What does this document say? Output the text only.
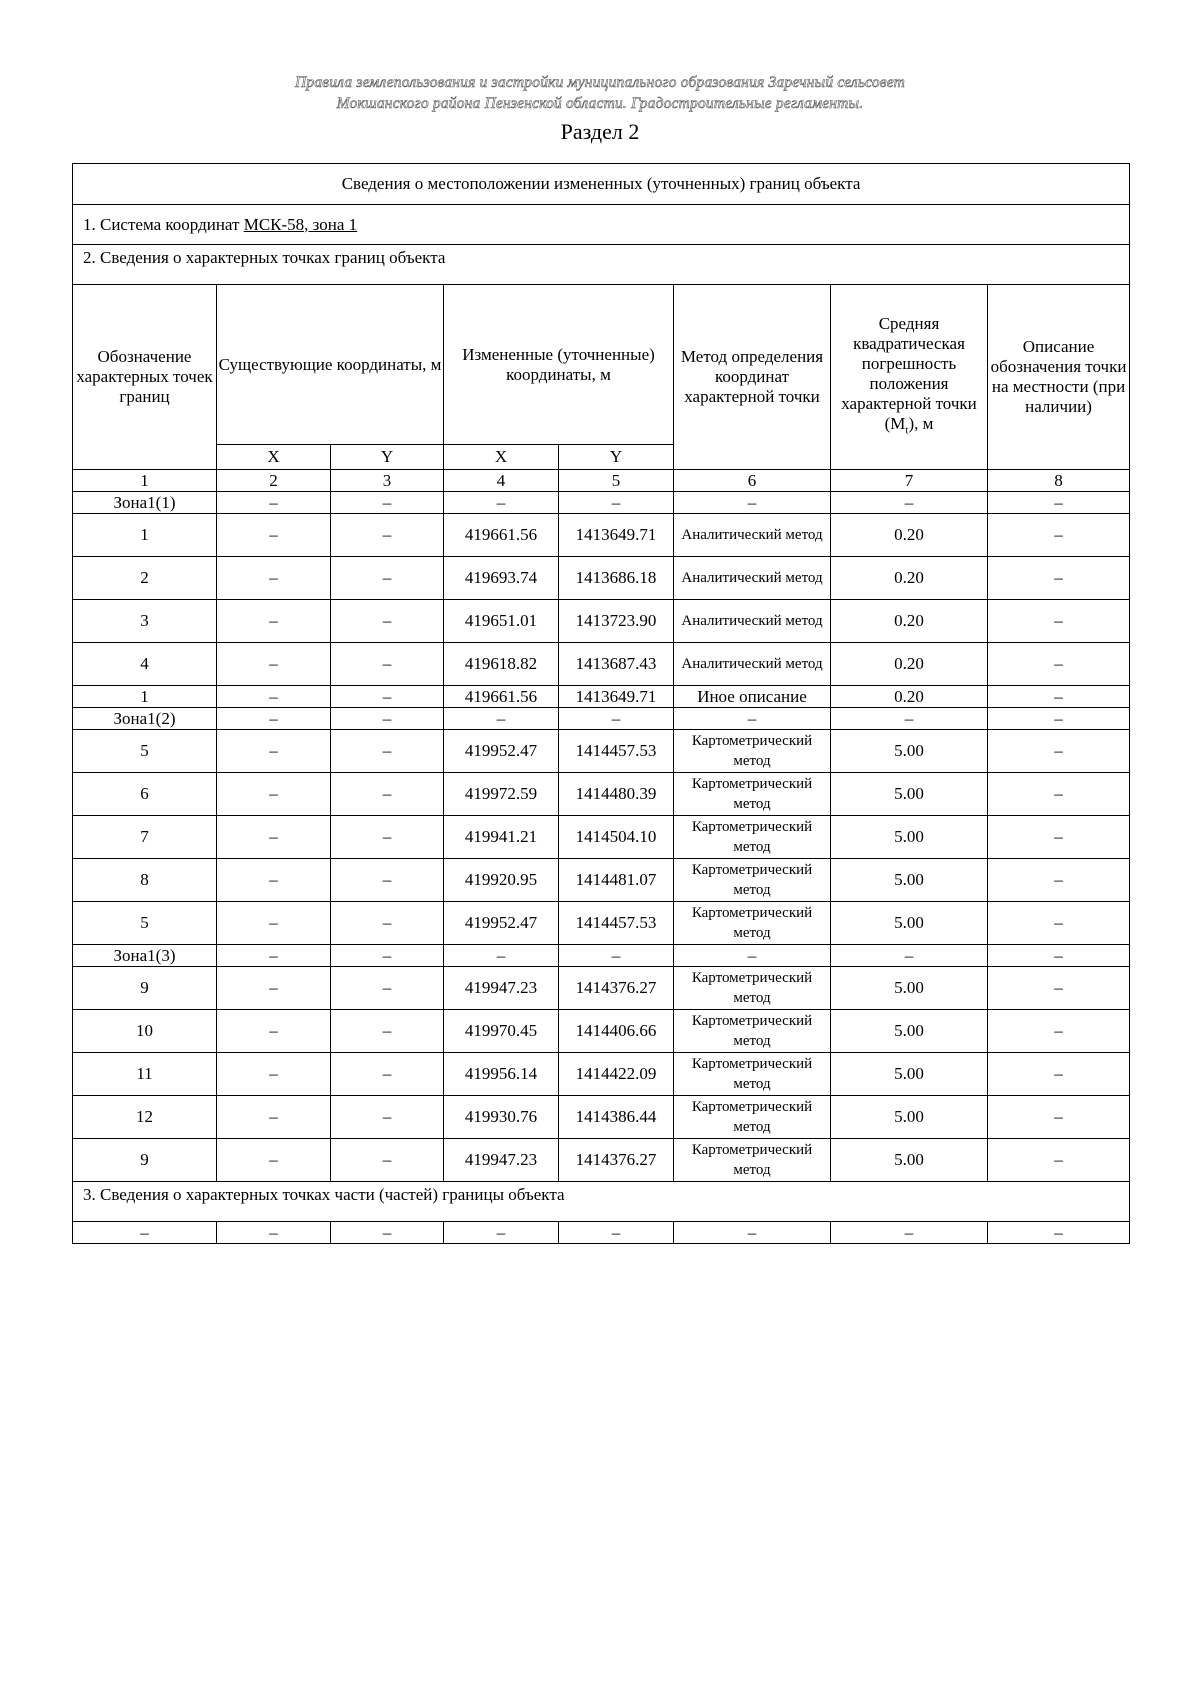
Правила землепользования и застройки муниципального образования Заречный сельсовет
Мокшанского района Пензенской области. Градостроительные регламенты.
Раздел 2
Сведения о местоположении измененных (уточненных) границ объекта							
1. Система координат МСК-58, зона 1							
2. Сведения о характерных точках границ объекта							
Обозначение характерных точек границ	Существующие координаты, м		Измененные (уточненные) координаты, м		Метод определения координат характерной точки	Средняя квадратическая погрешность положения характерной точки $(M_t)$, м	Описание обозначения точки на местности (при наличии)
	X	Y	X	Y			
1	2	3	4	5	6	7	8
Зона1(1)	–	–	–	–	–	–	–
1	–	–	419661.56	1413649.71	Аналитический метод	0.20	–
2	–	–	419693.74	1413686.18	Аналитический метод	0.20	–
3	–	–	419651.01	1413723.90	Аналитический метод	0.20	–
4	–	–	419618.82	1413687.43	Аналитический метод	0.20	–
1	–	–	419661.56	1413649.71	Иное описание	0.20	–
Зона1(2)	–	–	–	–	–	–	–
5	–	–	419952.47	1414457.53	Картометрический метод	5.00	–
6	–	–	419972.59	1414480.39	Картометрический метод	5.00	–
7	–	–	419941.21	1414504.10	Картометрический метод	5.00	–
8	–	–	419920.95	1414481.07	Картометрический метод	5.00	–
5	–	–	419952.47	1414457.53	Картометрический метод	5.00	–
Зона1(3)	–	–	–	–	–	–	–
9	–	–	419947.23	1414376.27	Картометрический метод	5.00	–
10	–	–	419970.45	1414406.66	Картометрический метод	5.00	–
11	–	–	419956.14	1414422.09	Картометрический метод	5.00	–
12	–	–	419930.76	1414386.44	Картометрический метод	5.00	–
9	–	–	419947.23	1414376.27	Картометрический метод	5.00	–
3. Сведения о характерных точках части (частей) границы объекта							
–	–	–	–	–	–	–	–
